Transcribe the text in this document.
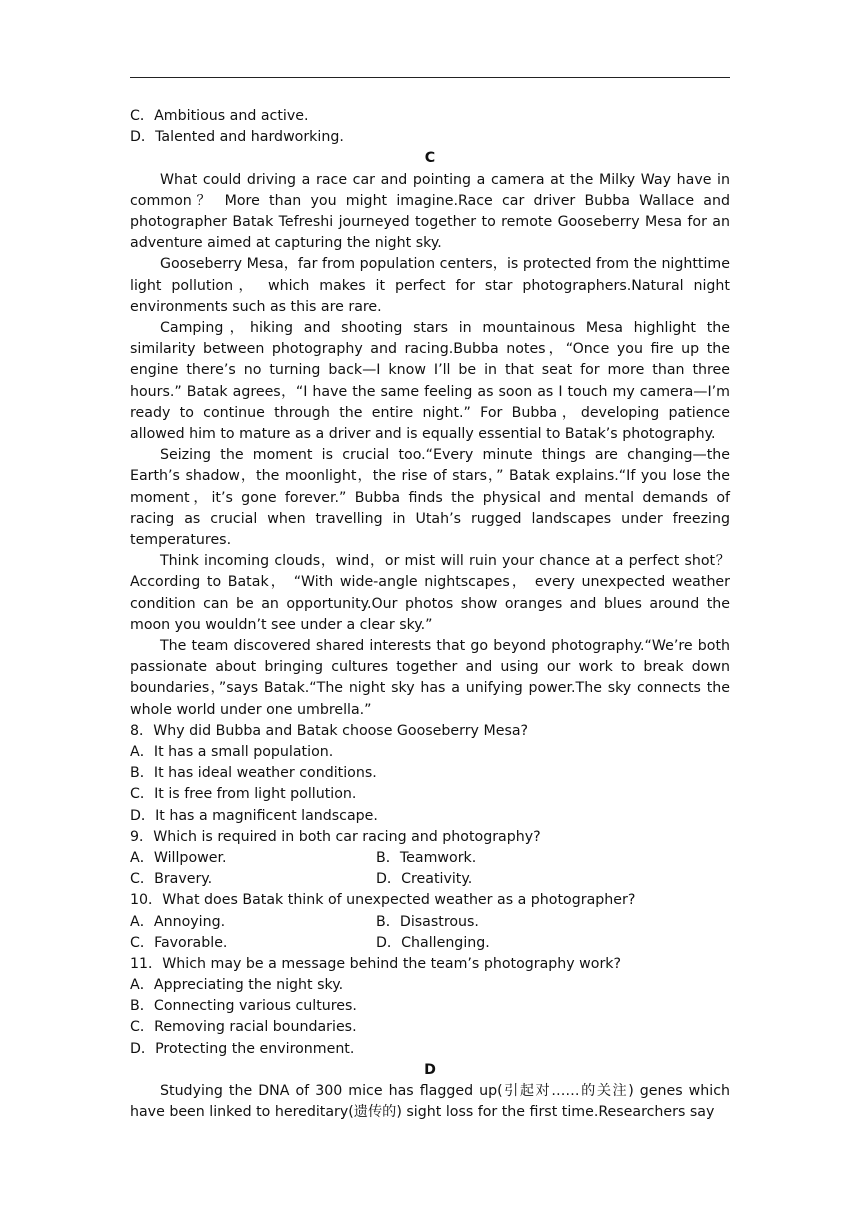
C．Ambitious and active.
D．Talented and hardworking.
C
What could driving a race car and pointing a camera at the Milky Way have in common？ More than you might imagine.Race car driver Bubba Wallace and photographer Batak Tefreshi journeyed together to remote Gooseberry Mesa for an adventure aimed at capturing the night sky.
Gooseberry Mesa，far from population centers，is protected from the nighttime light pollution， which makes it perfect for star photographers.Natural night environments such as this are rare.
Camping，hiking and shooting stars in mountainous Mesa highlight the similarity between photography and racing.Bubba notes，“Once you fire up the engine there’s no turning back—I know I’ll be in that seat for more than three hours.” Batak agrees，“I have the same feeling as soon as I touch my camera—I’m ready to continue through the entire night.” For Bubba，developing patience allowed him to mature as a driver and is equally essential to Batak’s photography.
Seizing the moment is crucial too.“Every minute things are changing—the Earth’s shadow，the moonlight，the rise of stars，” Batak explains.“If you lose the moment，it’s gone forever.” Bubba finds the physical and mental demands of racing as crucial when travelling in Utah’s rugged landscapes under freezing temperatures.
Think incoming clouds，wind，or mist will ruin your chance at a perfect shot？According to Batak， “With wide-angle nightscapes， every unexpected weather condition can be an opportunity.Our photos show oranges and blues around the moon you wouldn’t see under a clear sky.”
The team discovered shared interests that go beyond photography.“We’re both passionate about bringing cultures together and using our work to break down boundaries，”says Batak.“The night sky has a unifying power.The sky connects the whole world under one umbrella.”
8．Why did Bubba and Batak choose Gooseberry Mesa?
A．It has a small population.
B．It has ideal weather conditions.
C．It is free from light pollution.
D．It has a magnificent landscape.
9．Which is required in both car racing and photography?
A．Willpower.	B．Teamwork.
C．Bravery.	D．Creativity.
10．What does Batak think of unexpected weather as a photographer?
A．Annoying.	B．Disastrous.
C．Favorable.	D．Challenging.
11．Which may be a message behind the team’s photography work?
A．Appreciating the night sky.
B．Connecting various cultures.
C．Removing racial boundaries.
D．Protecting the environment.
D
Studying the DNA of 300 mice has flagged up(引起对……的关注) genes which have been linked to hereditary(遗传的) sight loss for the first time.Researchers say
